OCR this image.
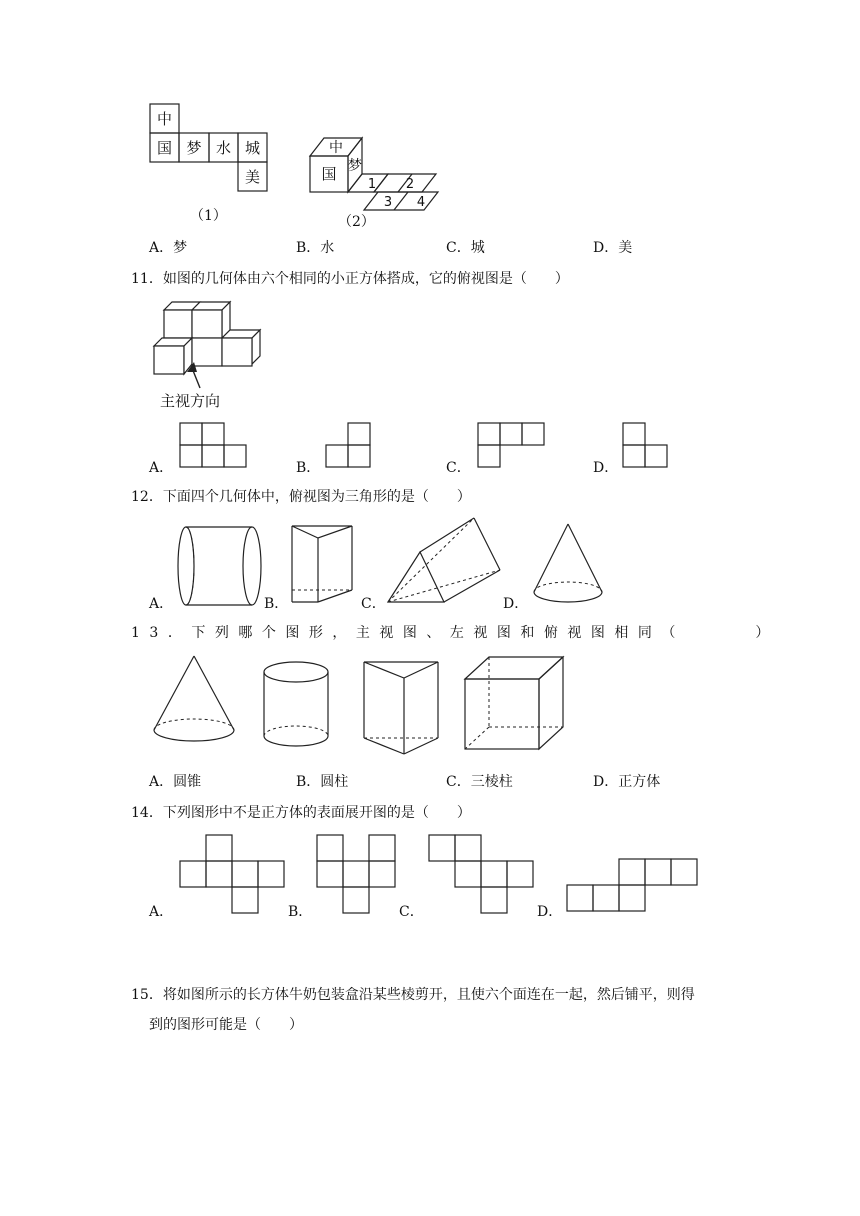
中
国 梦 水 城
美
（1）
中
国 梦
1 2
3 4
（2）
A．梦	B．水	C．城	D．美
11．如图的几何体由六个相同的小正方体搭成，它的俯视图是（　　）
主视方向
A．	B．	C．	D．
12．下面四个几何体中，俯视图为三角形的是（　　）
A．	B．	C．	D．
13．下列哪个图形，主视图、左视图和俯视图相同（　　　）
A．圆锥	B．圆柱	C．三棱柱	D．正方体
14．下列图形中不是正方体的表面展开图的是（　　）
A．	B．	C．	D．
15．将如图所示的长方体牛奶包装盒沿某些棱剪开，且使六个面连在一起，然后铺平，则得
到的图形可能是（　　）
